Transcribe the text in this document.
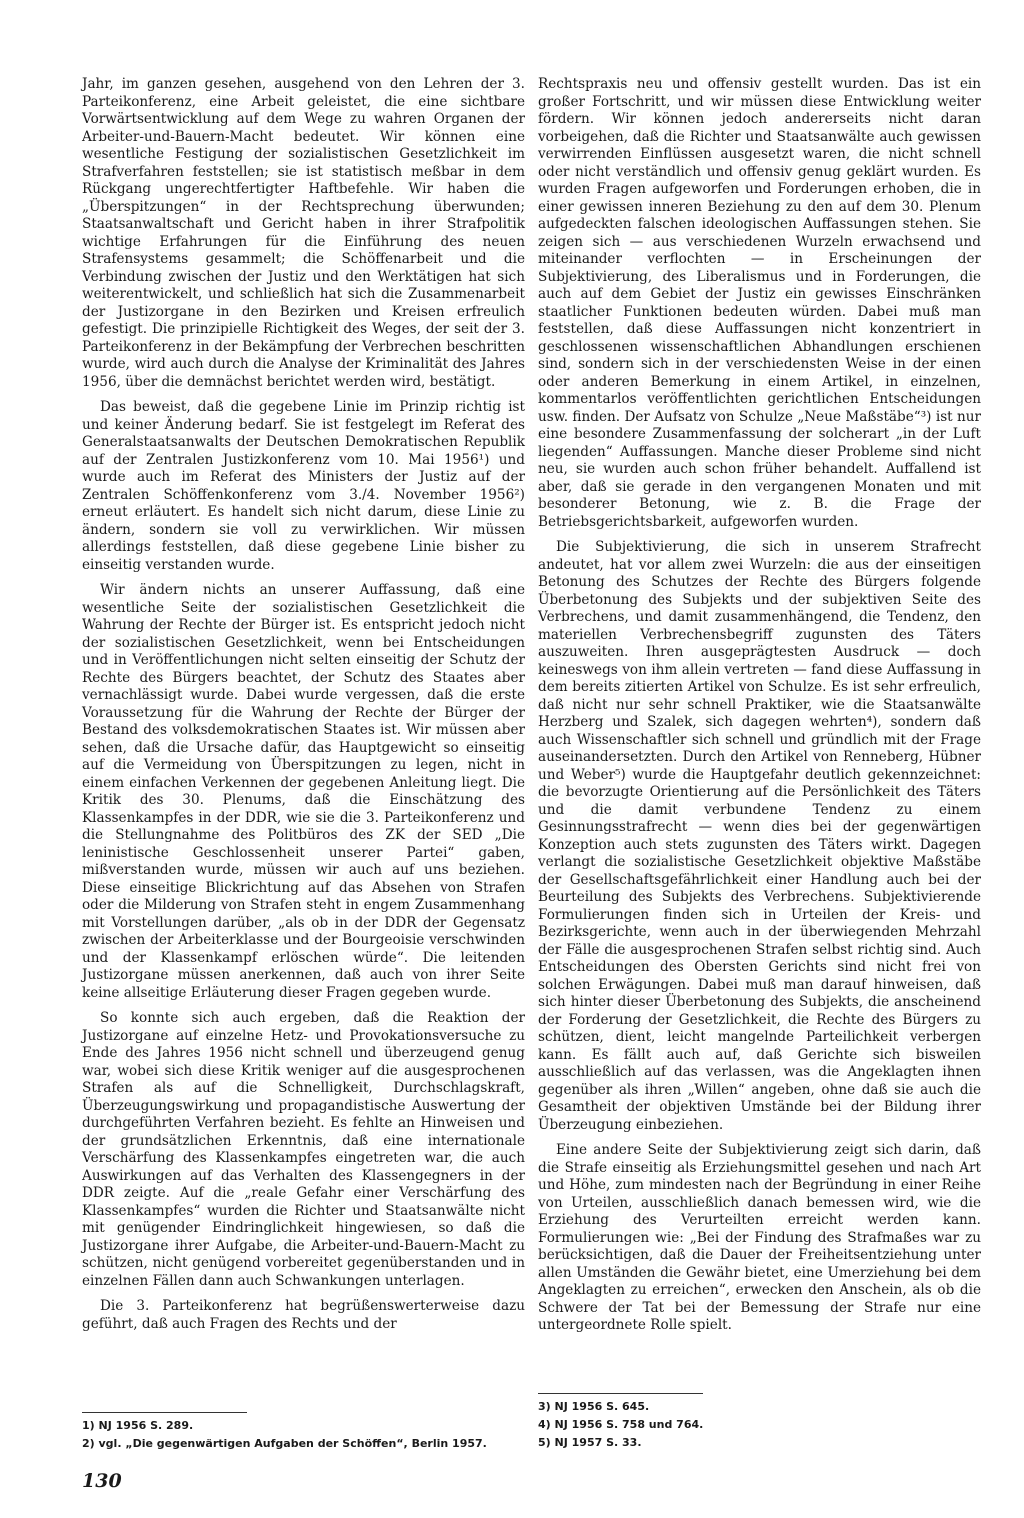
Jahr, im ganzen gesehen, ausgehend von den Lehren der 3. Parteikonferenz, eine Arbeit geleistet, die eine sichtbare Vorwärtsentwicklung auf dem Wege zu wahren Organen der Arbeiter-und-Bauern-Macht bedeutet. Wir können eine wesentliche Festigung der sozialistischen Gesetzlichkeit im Strafverfahren feststellen; sie ist statistisch meßbar in dem Rückgang ungerechtfertigter Haftbefehle. Wir haben die „Überspitzungen“ in der Rechtsprechung überwunden; Staatsanwaltschaft und Gericht haben in ihrer Strafpolitik wichtige Erfahrungen für die Einführung des neuen Strafensystems gesammelt; die Schöffenarbeit und die Verbindung zwischen der Justiz und den Werktätigen hat sich weiterentwickelt, und schließlich hat sich die Zusammenarbeit der Justizorgane in den Bezirken und Kreisen erfreulich gefestigt. Die prinzipielle Richtigkeit des Weges, der seit der 3. Parteikonferenz in der Bekämpfung der Verbrechen beschritten wurde, wird auch durch die Analyse der Kriminalität des Jahres 1956, über die demnächst berichtet werden wird, bestätigt.

Das beweist, daß die gegebene Linie im Prinzip richtig ist und keiner Änderung bedarf. Sie ist festgelegt im Referat des Generalstaatsanwalts der Deutschen Demokratischen Republik auf der Zentralen Justizkonferenz vom 10. Mai 1956¹) und wurde auch im Referat des Ministers der Justiz auf der Zentralen Schöffenkonferenz vom 3./4. November 1956²) erneut erläutert. Es handelt sich nicht darum, diese Linie zu ändern, sondern sie voll zu verwirklichen. Wir müssen allerdings feststellen, daß diese gegebene Linie bisher zu einseitig verstanden wurde.

Wir ändern nichts an unserer Auffassung, daß eine wesentliche Seite der sozialistischen Gesetzlichkeit die Wahrung der Rechte der Bürger ist. Es entspricht jedoch nicht der sozialistischen Gesetzlichkeit, wenn bei Entscheidungen und in Veröffentlichungen nicht selten einseitig der Schutz der Rechte des Bürgers beachtet, der Schutz des Staates aber vernachlässigt wurde. Dabei wurde vergessen, daß die erste Voraussetzung für die Wahrung der Rechte der Bürger der Bestand des volksdemokratischen Staates ist. Wir müssen aber sehen, daß die Ursache dafür, das Hauptgewicht so einseitig auf die Vermeidung von Überspitzungen zu legen, nicht in einem einfachen Verkennen der gegebenen Anleitung liegt. Die Kritik des 30. Plenums, daß die Einschätzung des Klassenkampfes in der DDR, wie sie die 3. Parteikonferenz und die Stellungnahme des Politbüros des ZK der SED „Die leninistische Geschlossenheit unserer Partei“ gaben, mißverstanden wurde, müssen wir auch auf uns beziehen. Diese einseitige Blickrichtung auf das Absehen von Strafen oder die Milderung von Strafen steht in engem Zusammenhang mit Vorstellungen darüber, „als ob in der DDR der Gegensatz zwischen der Arbeiterklasse und der Bourgeoisie verschwinden und der Klassenkampf erlöschen würde“. Die leitenden Justizorgane müssen anerkennen, daß auch von ihrer Seite keine allseitige Erläuterung dieser Fragen gegeben wurde.

So konnte sich auch ergeben, daß die Reaktion der Justizorgane auf einzelne Hetz- und Provokationsversuche zu Ende des Jahres 1956 nicht schnell und überzeugend genug war, wobei sich diese Kritik weniger auf die ausgesprochenen Strafen als auf die Schnelligkeit, Durchschlagskraft, Überzeugungswirkung und propagandistische Auswertung der durchgeführten Verfahren bezieht. Es fehlte an Hinweisen und der grundsätzlichen Erkenntnis, daß eine internationale Verschärfung des Klassenkampfes eingetreten war, die auch Auswirkungen auf das Verhalten des Klassengegners in der DDR zeigte. Auf die „reale Gefahr einer Verschärfung des Klassenkampfes“ wurden die Richter und Staatsanwälte nicht mit genügender Eindringlichkeit hingewiesen, so daß die Justizorgane ihrer Aufgabe, die Arbeiter-und-Bauern-Macht zu schützen, nicht genügend vorbereitet gegenüberstanden und in einzelnen Fällen dann auch Schwankungen unterlagen.

Die 3. Parteikonferenz hat begrüßenswerterweise dazu geführt, daß auch Fragen des Rechts und der

Rechtspraxis neu und offensiv gestellt wurden. Das ist ein großer Fortschritt, und wir müssen diese Entwicklung weiter fördern. Wir können jedoch andererseits nicht daran vorbeigehen, daß die Richter und Staatsanwälte auch gewissen verwirrenden Einflüssen ausgesetzt waren, die nicht schnell oder nicht verständlich und offensiv genug geklärt wurden. Es wurden Fragen aufgeworfen und Forderungen erhoben, die in einer gewissen inneren Beziehung zu den auf dem 30. Plenum aufgedeckten falschen ideologischen Auffassungen stehen. Sie zeigen sich — aus verschiedenen Wurzeln erwachsend und miteinander verflochten — in Erscheinungen der Subjektivierung, des Liberalismus und in Forderungen, die auch auf dem Gebiet der Justiz ein gewisses Einschränken staatlicher Funktionen bedeuten würden. Dabei muß man feststellen, daß diese Auffassungen nicht konzentriert in geschlossenen wissenschaftlichen Abhandlungen erschienen sind, sondern sich in der verschiedensten Weise in der einen oder anderen Bemerkung in einem Artikel, in einzelnen, kommentarlos veröffentlichten gerichtlichen Entscheidungen usw. finden. Der Aufsatz von Schulze „Neue Maßstäbe“³) ist nur eine besondere Zusammenfassung der solcherart „in der Luft liegenden“ Auffassungen. Manche dieser Probleme sind nicht neu, sie wurden auch schon früher behandelt. Auffallend ist aber, daß sie gerade in den vergangenen Monaten und mit besonderer Betonung, wie z. B. die Frage der Betriebsgerichtsbarkeit, aufgeworfen wurden.

Die Subjektivierung, die sich in unserem Strafrecht andeutet, hat vor allem zwei Wurzeln: die aus der einseitigen Betonung des Schutzes der Rechte des Bürgers folgende Überbetonung des Subjekts und der subjektiven Seite des Verbrechens, und damit zusammenhängend, die Tendenz, den materiellen Verbrechensbegriff zugunsten des Täters auszuweiten. Ihren ausgeprägtesten Ausdruck — doch keineswegs von ihm allein vertreten — fand diese Auffassung in dem bereits zitierten Artikel von Schulze. Es ist sehr erfreulich, daß nicht nur sehr schnell Praktiker, wie die Staatsanwälte Herzberg und Szalek, sich dagegen wehrten⁴), sondern daß auch Wissenschaftler sich schnell und gründlich mit der Frage auseinandersetzten. Durch den Artikel von Renneberg, Hübner und Weber⁵) wurde die Hauptgefahr deutlich gekennzeichnet: die bevorzugte Orientierung auf die Persönlichkeit des Täters und die damit verbundene Tendenz zu einem Gesinnungsstrafrecht — wenn dies bei der gegenwärtigen Konzeption auch stets zugunsten des Täters wirkt. Dagegen verlangt die sozialistische Gesetzlichkeit objektive Maßstäbe der Gesellschaftsgefährlichkeit einer Handlung auch bei der Beurteilung des Subjekts des Verbrechens. Subjektivierende Formulierungen finden sich in Urteilen der Kreis- und Bezirksgerichte, wenn auch in der überwiegenden Mehrzahl der Fälle die ausgesprochenen Strafen selbst richtig sind. Auch Entscheidungen des Obersten Gerichts sind nicht frei von solchen Erwägungen. Dabei muß man darauf hinweisen, daß sich hinter dieser Überbetonung des Subjekts, die anscheinend der Forderung der Gesetzlichkeit, die Rechte des Bürgers zu schützen, dient, leicht mangelnde Parteilichkeit verbergen kann. Es fällt auch auf, daß Gerichte sich bisweilen ausschließlich auf das verlassen, was die Angeklagten ihnen gegenüber als ihren „Willen“ angeben, ohne daß sie auch die Gesamtheit der objektiven Umstände bei der Bildung ihrer Überzeugung einbeziehen.

Eine andere Seite der Subjektivierung zeigt sich darin, daß die Strafe einseitig als Erziehungsmittel gesehen und nach Art und Höhe, zum mindesten nach der Begründung in einer Reihe von Urteilen, ausschließlich danach bemessen wird, wie die Erziehung des Verurteilten erreicht werden kann. Formulierungen wie: „Bei der Findung des Strafmaßes war zu berücksichtigen, daß die Dauer der Freiheitsentziehung unter allen Umständen die Gewähr bietet, eine Umerziehung bei dem Angeklagten zu erreichen“, erwecken den Anschein, als ob die Schwere der Tat bei der Bemessung der Strafe nur eine untergeordnete Rolle spielt.

1) NJ 1956 S. 289.

2) vgl. „Die gegenwärtigen Aufgaben der Schöffen“, Berlin 1957.

3) NJ 1956 S. 645.

4) NJ 1956 S. 758 und 764.

5) NJ 1957 S. 33.

130
